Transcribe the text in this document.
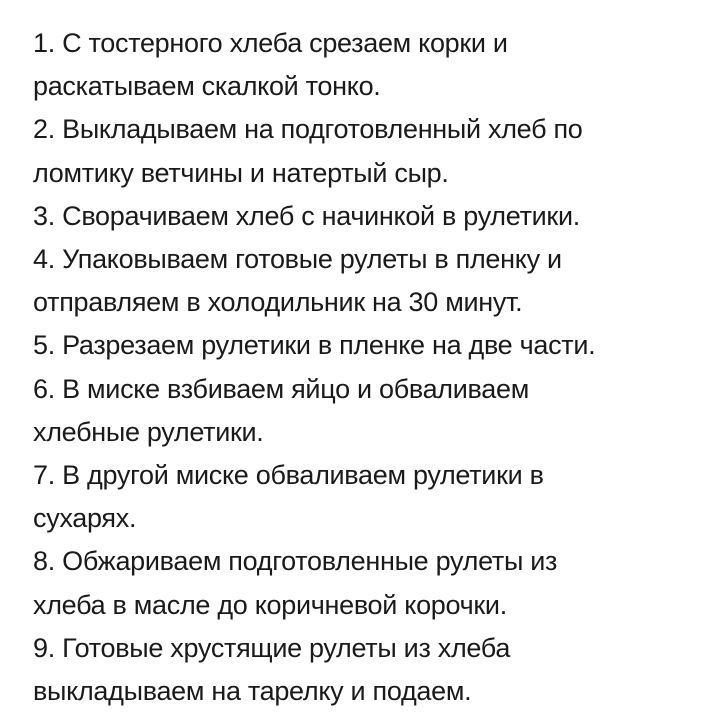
1. С тостерного хлеба срезаем корки и
раскатываем скалкой тонко.
2. Выкладываем на подготовленный хлеб по
ломтику ветчины и натертый сыр.
3. Сворачиваем хлеб с начинкой в рулетики.
4. Упаковываем готовые рулеты в пленку и
отправляем в холодильник на 30 минут.
5. Разрезаем рулетики в пленке на две части.
6. В миске взбиваем яйцо и обваливаем
хлебные рулетики.
7. В другой миске обваливаем рулетики в
сухарях.
8. Обжариваем подготовленные рулеты из
хлеба в масле до коричневой корочки.
9. Готовые хрустящие рулеты из хлеба
выкладываем на тарелку и подаем.
